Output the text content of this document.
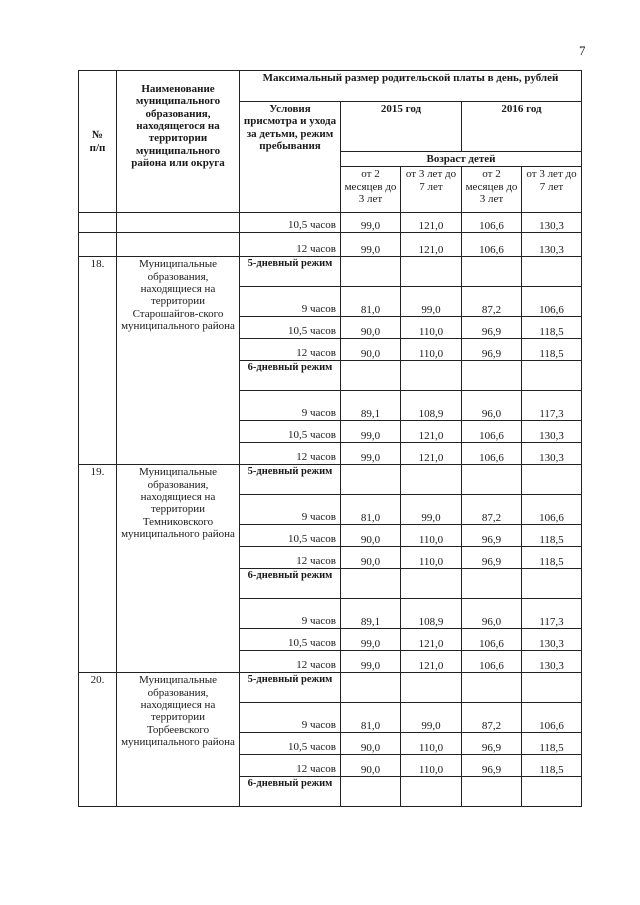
7
№
п/п	Наименование муниципального образования, находящегося на территории муниципального района или округа	Максимальный размер родительской платы в день, рублей				
		Условия присмотра и ухода за детьми, режим пребывания	2015 год		2016 год	
			Возраст детей			
			от 2 месяцев до 3 лет	от 3 лет до 7 лет	от 2 месяцев до 3 лет	от 3 лет до 7 лет
		10,5 часов	99,0	121,0	106,6	130,3
		12 часов	99,0	121,0	106,6	130,3
18.	Муниципальные образования, находящиеся на территории Старошайгов-ского муниципального района	5-дневный режим				
		9 часов	81,0	99,0	87,2	106,6
		10,5 часов	90,0	110,0	96,9	118,5
		12 часов	90,0	110,0	96,9	118,5
		6-дневный режим				
		9 часов	89,1	108,9	96,0	117,3
		10,5 часов	99,0	121,0	106,6	130,3
		12 часов	99,0	121,0	106,6	130,3
19.	Муниципальные образования, находящиеся на территории Темниковского муниципального района	5-дневный режим				
		9 часов	81,0	99,0	87,2	106,6
		10,5 часов	90,0	110,0	96,9	118,5
		12 часов	90,0	110,0	96,9	118,5
		6-дневный режим				
		9 часов	89,1	108,9	96,0	117,3
		10,5 часов	99,0	121,0	106,6	130,3
		12 часов	99,0	121,0	106,6	130,3
20.	Муниципальные образования, находящиеся на территории Торбеевского муниципального района	5-дневный режим				
		9 часов	81,0	99,0	87,2	106,6
		10,5 часов	90,0	110,0	96,9	118,5
		12 часов	90,0	110,0	96,9	118,5
		6-дневный режим				
